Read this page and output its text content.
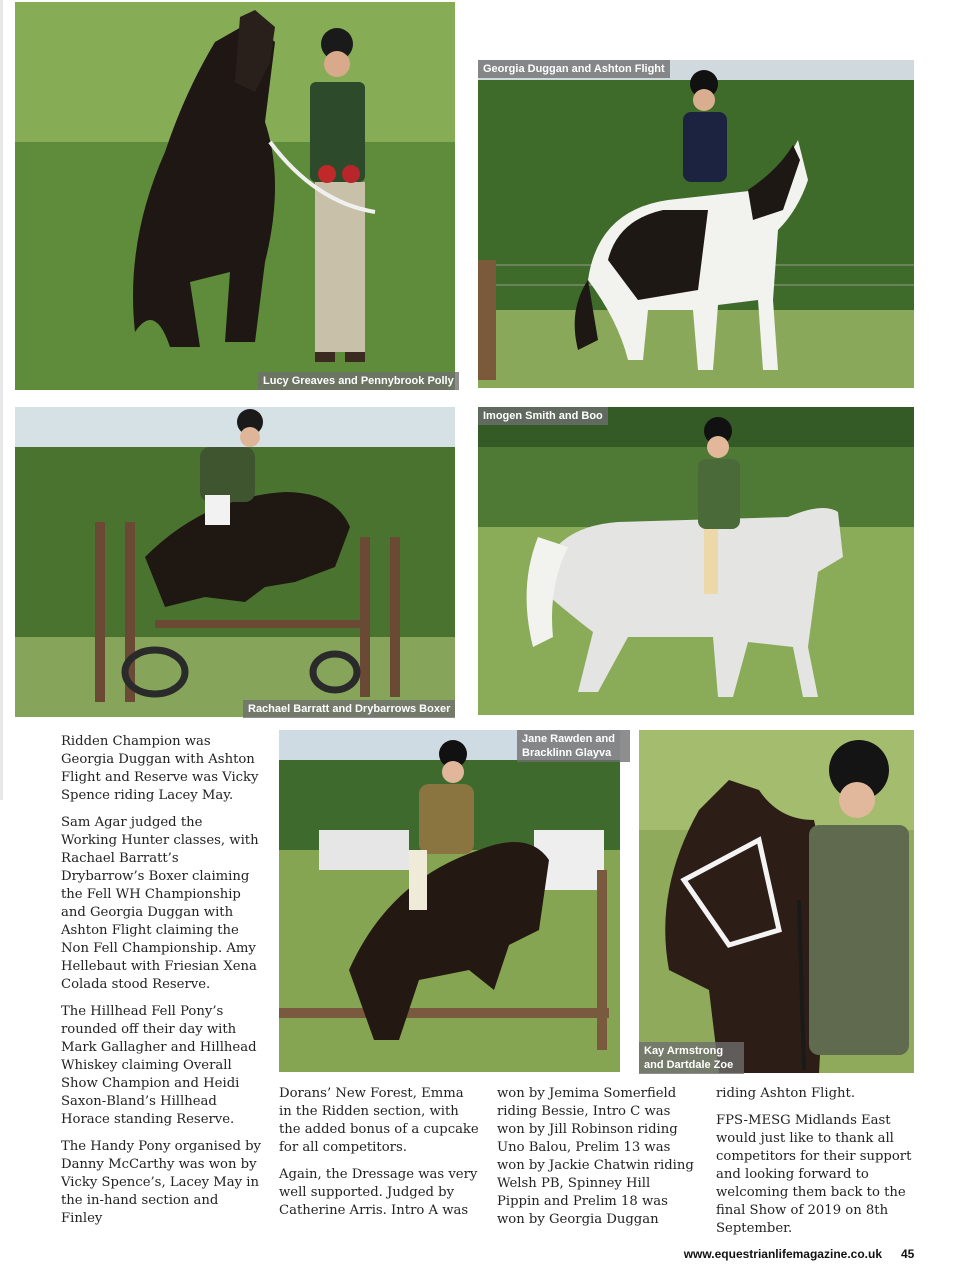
Lucy Greaves and Pennybrook Polly
Georgia Duggan and Ashton Flight
Rachael Barratt and Drybarrows Boxer
Imogen Smith and Boo
Jane Rawden and
Bracklinn Glayva
Kay Armstrong
and Dartdale Zoe

Ridden Champion was Georgia Duggan with Ashton Flight and Reserve was Vicky Spence riding Lacey May.

Sam Agar judged the Working Hunter classes, with Rachael Barratt’s Drybarrow’s Boxer claiming the Fell WH Championship and Georgia Duggan with Ashton Flight claiming the Non Fell Championship. Amy Hellebaut with Friesian Xena Colada stood Reserve.

The Hillhead Fell Pony’s rounded off their day with Mark Gallagher and Hillhead Whiskey claiming Overall Show Champion and Heidi Saxon-Bland’s Hillhead Horace standing Reserve.

The Handy Pony organised by Danny McCarthy was won by Vicky Spence’s, Lacey May in the in-hand section and Finley

Dorans’ New Forest, Emma in the Ridden section, with the added bonus of a cupcake for all competitors.

Again, the Dressage was very well supported. Judged by Catherine Arris. Intro A was

won by Jemima Somerfield riding Bessie, Intro C was won by Jill Robinson riding Uno Balou, Prelim 13 was won by Jackie Chatwin riding Welsh PB, Spinney Hill Pippin and Prelim 18 was won by Georgia Duggan

riding Ashton Flight.

FPS-MESG Midlands East would just like to thank all competitors for their support and looking forward to welcoming them back to the final Show of 2019 on 8th September.

www.equestrianlifemagazine.co.uk 45
